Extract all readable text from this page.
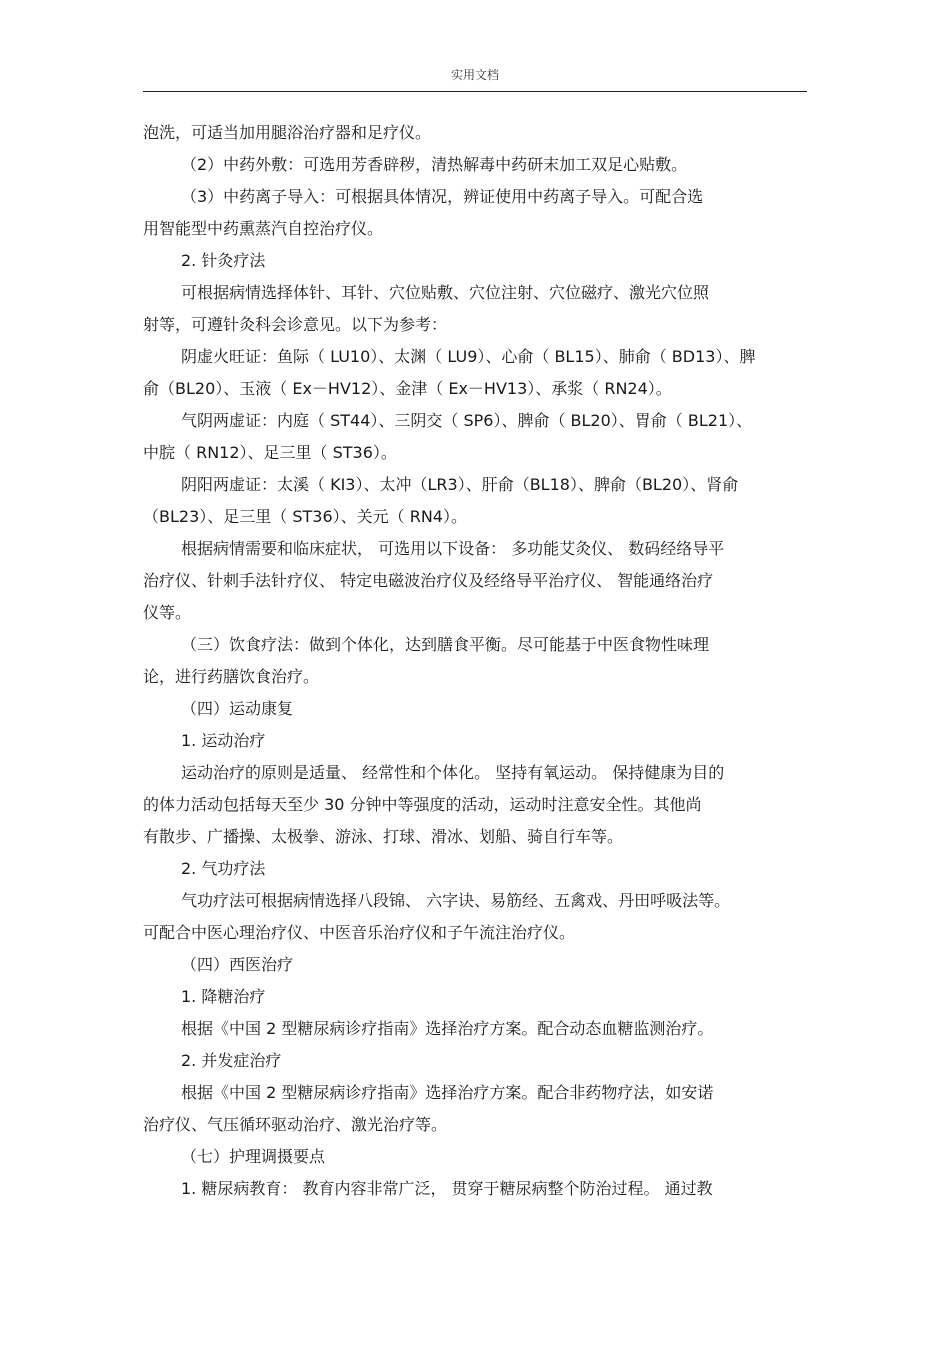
实用文档
泡洗，可适当加用腿浴治疗器和足疗仪。
（2）中药外敷：可选用芳香辟秽，清热解毒中药研末加工双足心贴敷。
（3）中药离子导入：可根据具体情况，辨证使用中药离子导入。可配合选
用智能型中药熏蒸汽自控治疗仪。
2. 针灸疗法
可根据病情选择体针、耳针、穴位贴敷、穴位注射、穴位磁疗、激光穴位照
射等，可遵针灸科会诊意见。以下为参考：
阴虚火旺证：鱼际（ LU10）、太渊（ LU9）、心俞（ BL15）、肺俞（ BD13）、脾
俞（BL20）、玉液（ Ex－HV12）、金津（ Ex－HV13）、承浆（ RN24）。
气阴两虚证：内庭（ ST44）、三阴交（ SP6）、脾俞（ BL20）、胃俞（ BL21）、
中脘（ RN12）、足三里（ ST36）。
阴阳两虚证：太溪（ KI3）、太冲（LR3）、肝俞（BL18）、脾俞（BL20）、肾俞
（BL23）、足三里（ ST36）、关元（ RN4）。
根据病情需要和临床症状， 可选用以下设备： 多功能艾灸仪、 数码经络导平
治疗仪、针刺手法针疗仪、 特定电磁波治疗仪及经络导平治疗仪、 智能通络治疗
仪等。
（三）饮食疗法：做到个体化，达到膳食平衡。尽可能基于中医食物性味理
论，进行药膳饮食治疗。
（四）运动康复
1. 运动治疗
运动治疗的原则是适量、 经常性和个体化。 坚持有氧运动。 保持健康为目的
的体力活动包括每天至少 30 分钟中等强度的活动，运动时注意安全性。其他尚
有散步、广播操、太极拳、游泳、打球、滑冰、划船、骑自行车等。
2. 气功疗法
气功疗法可根据病情选择八段锦、 六字诀、易筋经、五禽戏、丹田呼吸法等。
可配合中医心理治疗仪、中医音乐治疗仪和子午流注治疗仪。
（四）西医治疗
1. 降糖治疗
根据《中国 2 型糖尿病诊疗指南》选择治疗方案。配合动态血糖监测治疗。
2. 并发症治疗
根据《中国 2 型糖尿病诊疗指南》选择治疗方案。配合非药物疗法，如安诺
治疗仪、气压循环驱动治疗、激光治疗等。
（七）护理调摄要点
1. 糖尿病教育： 教育内容非常广泛， 贯穿于糖尿病整个防治过程。 通过教
